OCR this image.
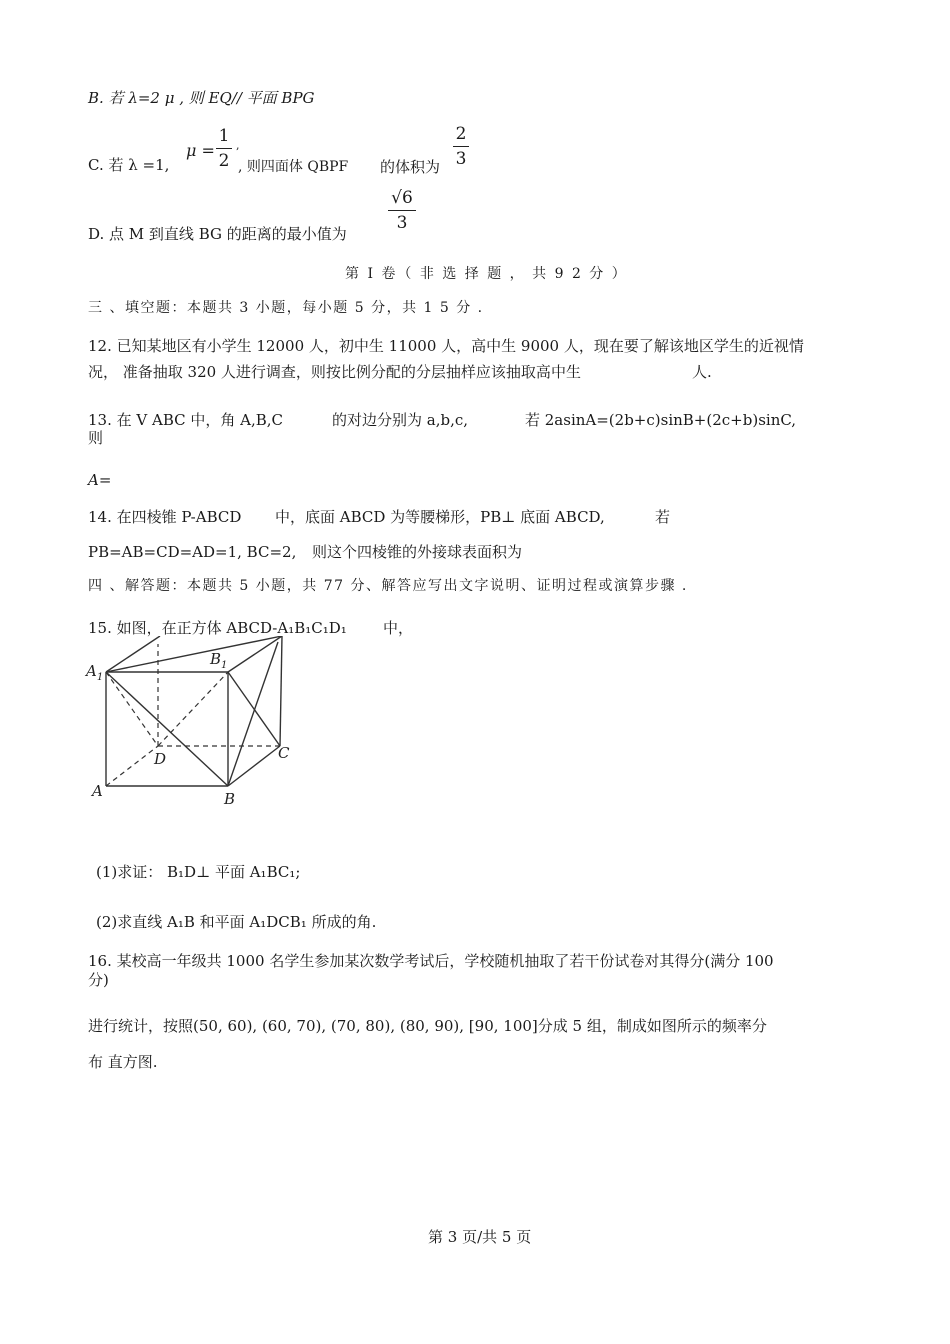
B. 若 λ=2 μ , 则 EQ// 平面 BPG
C. 若 λ =1,
μ =
1
2
,
, 则四面体 QBPF 的体积为
2
3
D. 点 M 到直线 BG 的距离的最小值为
√6
3
第 Ⅰ 卷（ 非 选 择 题 ， 共 9 2 分 ）
三 、填空题：本题共 3 小题，每小题 5 分，共 1 5 分 .
12. 已知某地区有小学生 12000 人，初中生 11000 人，高中生 9000 人，现在要了解该地区学生的近视情
况， 准备抽取 320 人进行调查，则按比例分配的分层抽样应该抽取高中生	人.
13. 在 V ABC 中，角 A,B,C	的对边分别为 a,b,c,	若 2asinA=(2b+c)sinB+(2c+b)sinC,
则
A=
14. 在四棱锥 P-ABCD 中，底面 ABCD 为等腰梯形，PB⊥ 底面 ABCD,	若
PB=AB=CD=AD=1, BC=2, 则这个四棱锥的外接球表面积为
四 、解答题：本题共 5 小题，共 77 分、解答应写出文字说明、证明过程或演算步骤 .
15. 如图，在正方体 ABCD-A₁B₁C₁D₁ 中，
$A_1$
$B_1$
D	C
A	B
(1)求证： B₁D⊥ 平面 A₁BC₁;
(2)求直线 A₁B 和平面 A₁DCB₁ 所成的角.
16. 某校高一年级共 1000 名学生参加某次数学考试后，学校随机抽取了若干份试卷对其得分(满分 100
分)
进行统计，按照(50, 60), (60, 70), (70, 80), (80, 90), [90, 100]分成 5 组，制成如图所示的频率分
布 直方图.
第 3 页/共 5 页
